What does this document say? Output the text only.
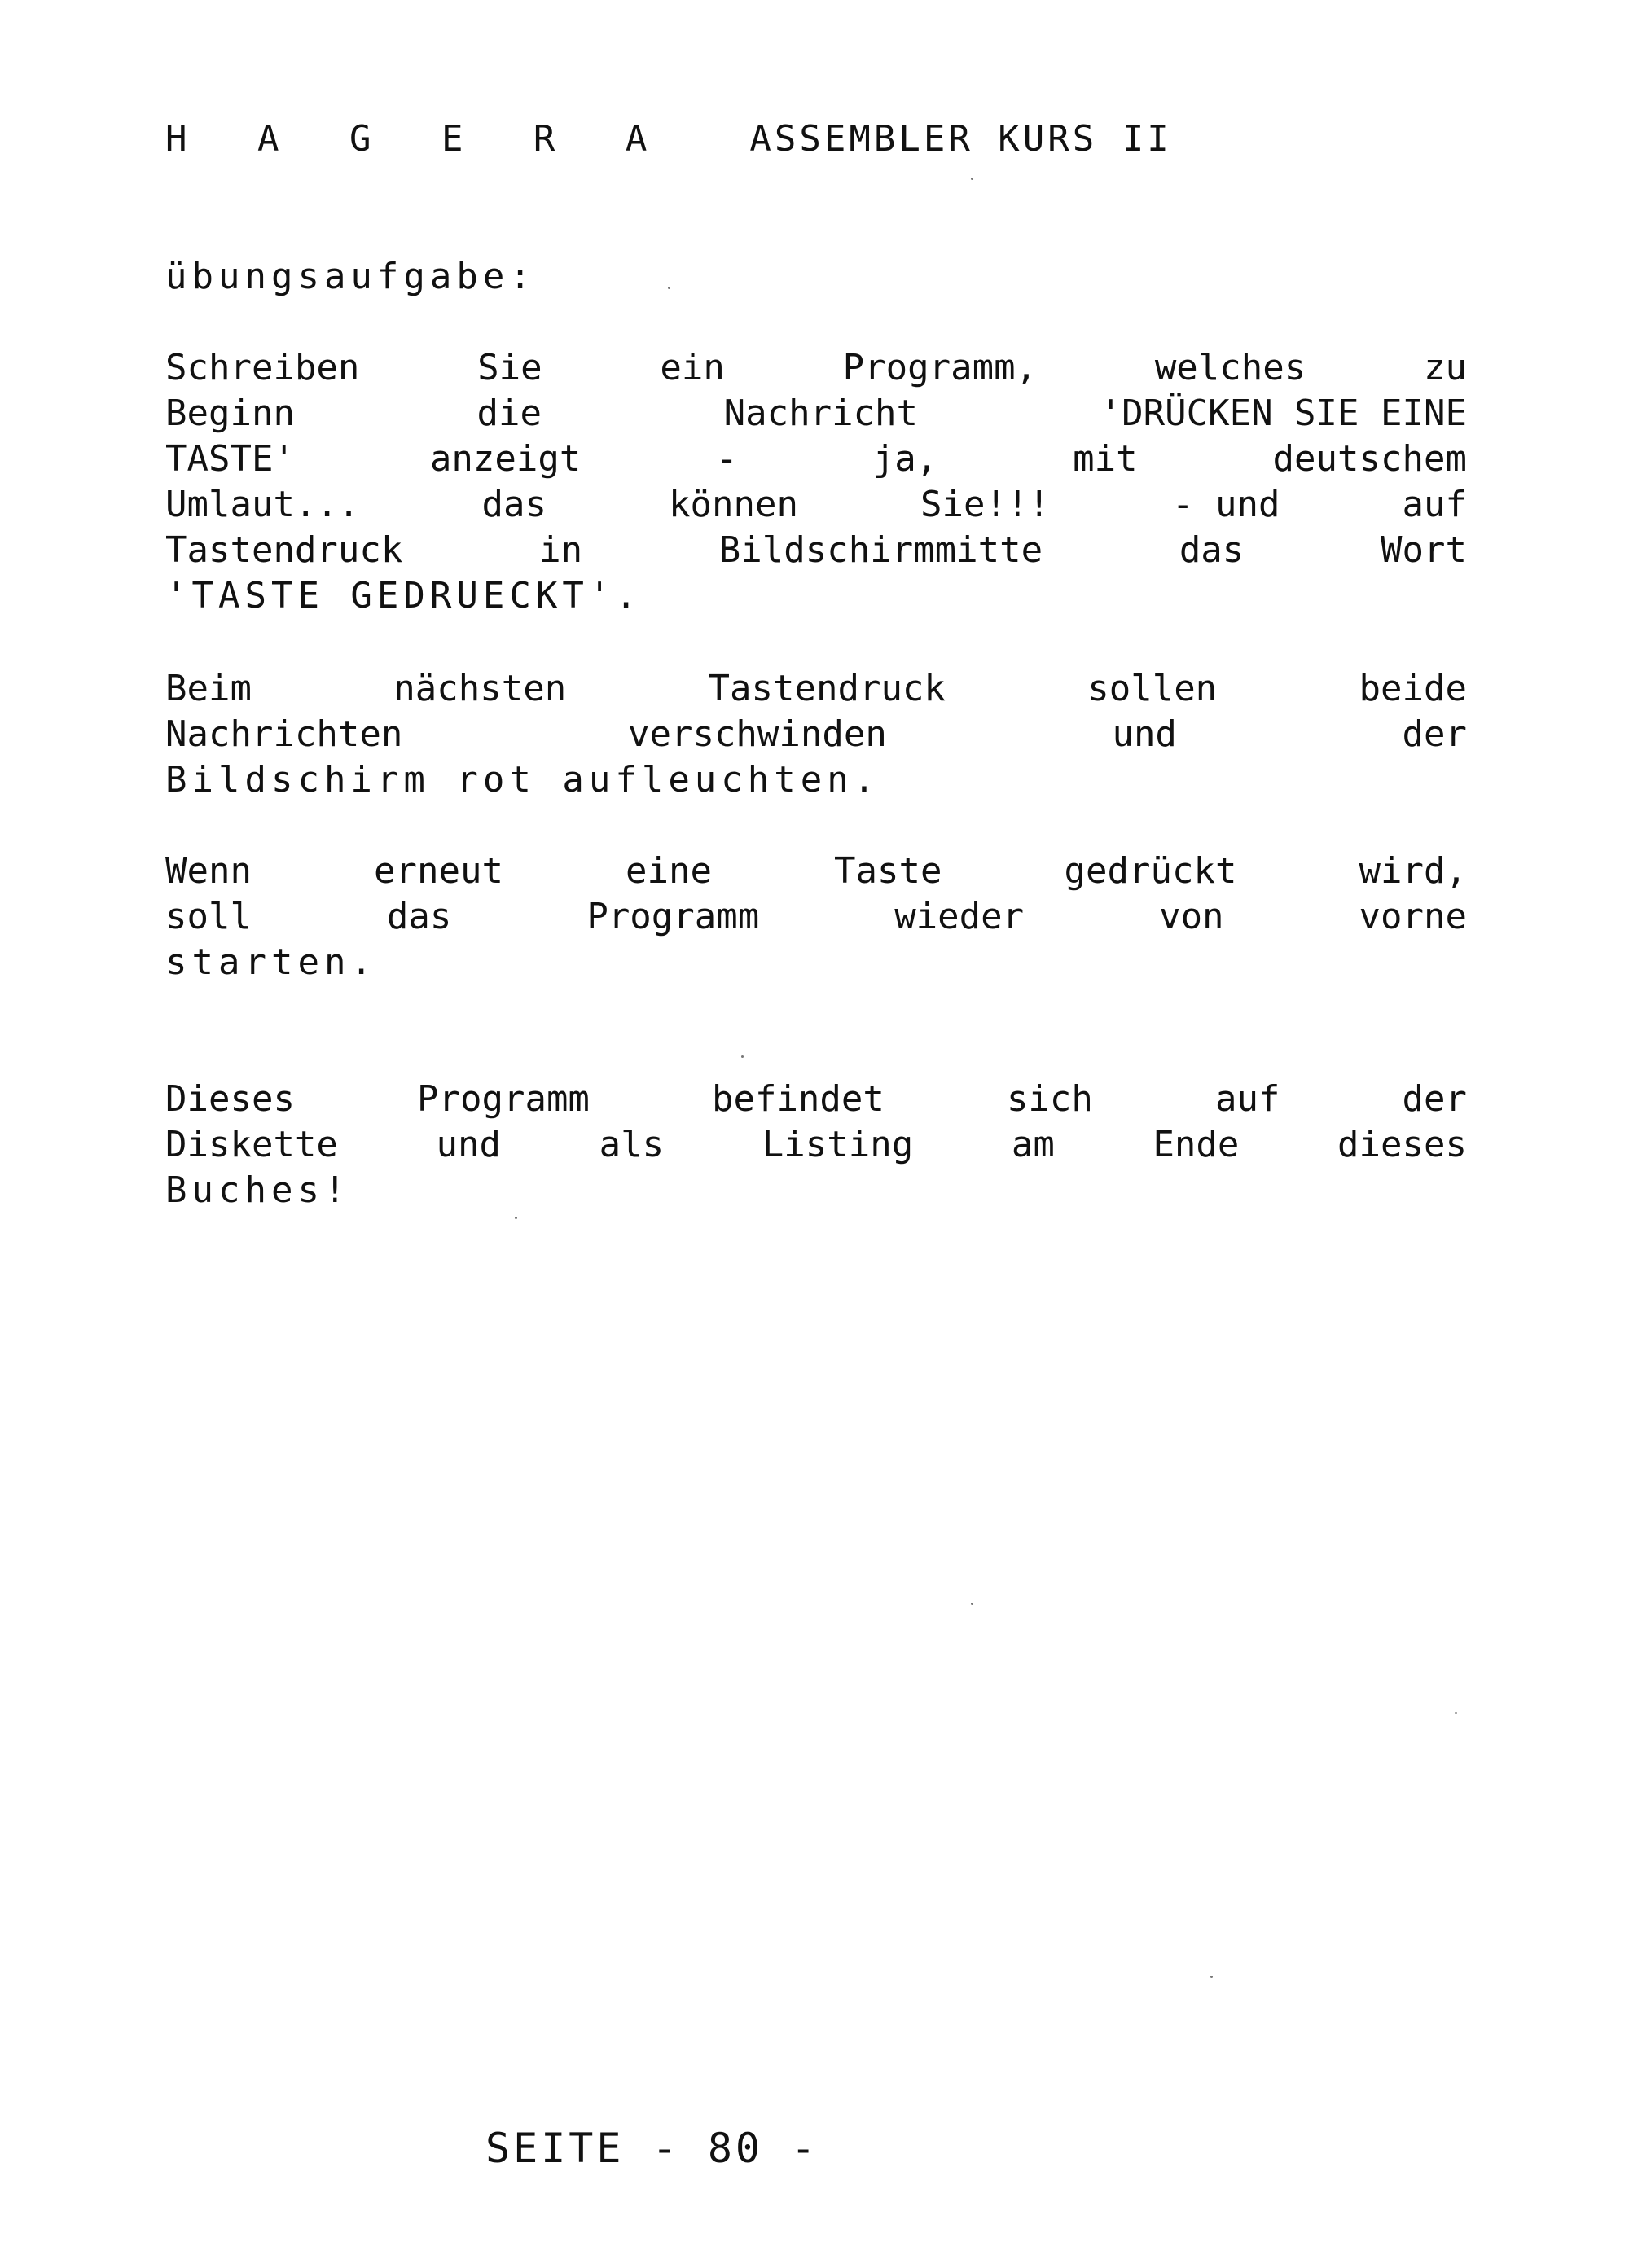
H A G E R A ASSEMBLER KURS II
übungsaufgabe:
Schreiben	Sie	ein	Programm,	welches	zu
Beginn	die	Nachricht	'DRÜCKEN SIE EINE
TASTE'	anzeigt	-	ja,	mit	deutschem
Umlaut...	das	können	Sie!!!	- und	auf
Tastendruck	in	Bildschirmmitte	das	Wort
'TASTE GEDRUECKT'.
Beim	nächsten	Tastendruck	sollen	beide
Nachrichten	verschwinden	und	der
Bildschirm rot aufleuchten.
Wenn	erneut	eine	Taste	gedrückt	wird,
soll	das	Programm	wieder	von	vorne
starten.
Dieses	Programm	befindet	sich	auf	der
Diskette	und	als	Listing	am	Ende	dieses
Buches!
SEITE - 80 -
